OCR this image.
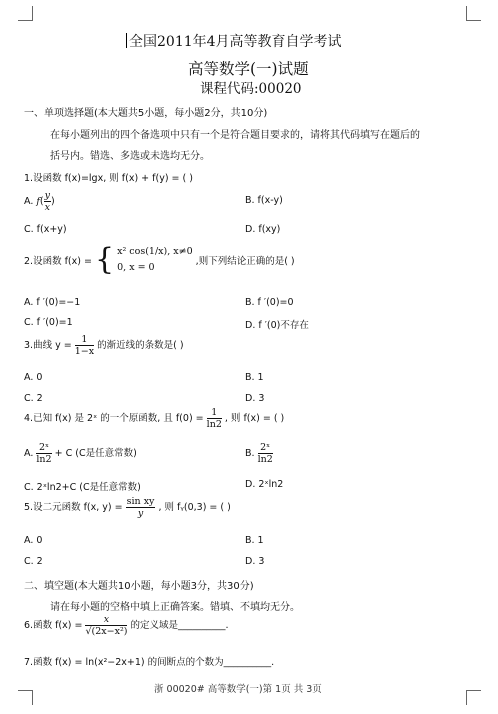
全国2011年4月高等教育自学考试
高等数学(一)试题
课程代码:00020
一、单项选择题(本大题共5小题，每小题2分，共10分)
在每小题列出的四个备选项中只有一个是符合题目要求的，请将其代码填写在题后的
括号内。错选、多选或未选均无分。
1.设函数 f(x)=lgx, 则 f(x) + f(y) = ( )
A. $f( \frac{y}{x}$ )	B. f(x-y)
C. f(x+y)	D. f(xy)
2.设函数 f(x) = { x² cos(1/x), x≠0
0, x = 0
,则下列结论正确的是( )
A. f ′(0)=−1	B. f ′(0)=0
C. f ′(0)=1	D. f ′(0)不存在
3.曲线 $y = \frac{1}{1-x}$ 的渐近线的条数是( )
A. 0	B. 1
C. 2	D. 3
4.已知 f(x) 是 2ˣ 的一个原函数, 且 $f(0) = \frac{1}{\ln 2}$ , 则 f(x) = ( )
A. $\frac{\text{2ˣ}}{\ln 2} + C$ (C是任意常数)	B. $\frac{\text{2ˣ}}{\ln 2}$
C. 2ˣln2+C (C是任意常数)	D. 2ˣln2
5.设二元函数 f(x, $y) = \frac{\text{sin xy}}{y}$ , 则 fᵧ(0,3) = ( )
A. 0	B. 1
C. 2	D. 3
二、填空题(本大题共10小题，每小题3分，共30分)
请在每小题的空格中填上正确答案。错填、不填均无分。
6.函数 $f(x) = \frac{x}{\text{√(2x−x²)}}$ 的定义域是__________.
7.函数 f(x) = ln(x²−2x+1) 的间断点的个数为__________.
浙 00020# 高等数学(一)第 1页 共 3页
